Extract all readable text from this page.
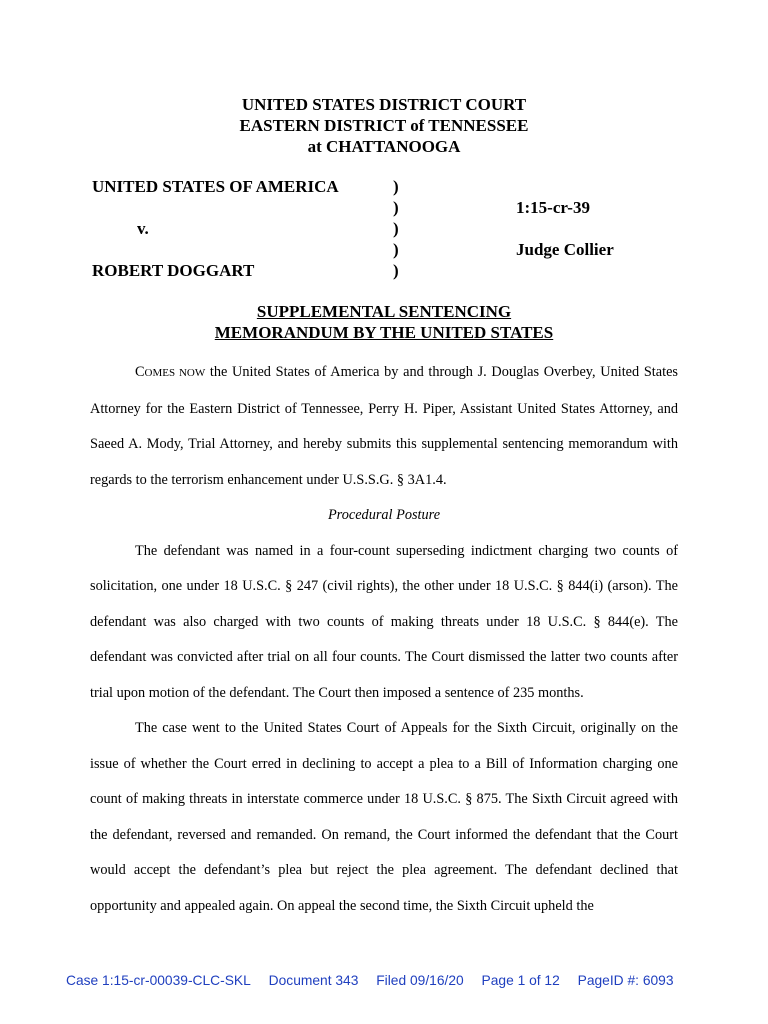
UNITED STATES DISTRICT COURT
EASTERN DISTRICT of TENNESSEE
at CHATTANOOGA
UNITED STATES OF AMERICA
v.
ROBERT DOGGART
)
)
)
)
)
1:15-cr-39
Judge Collier
SUPPLEMENTAL SENTENCING
MEMORANDUM BY THE UNITED STATES

COMES NOW the United States of America by and through J. Douglas Overbey, United States Attorney for the Eastern District of Tennessee, Perry H. Piper, Assistant United States Attorney, and Saeed A. Mody, Trial Attorney, and hereby submits this supplemental sentencing memorandum with regards to the terrorism enhancement under U.S.S.G. § 3A1.4.

Procedural Posture

The defendant was named in a four-count superseding indictment charging two counts of solicitation, one under 18 U.S.C. § 247 (civil rights), the other under 18 U.S.C. § 844(i) (arson). The defendant was also charged with two counts of making threats under 18 U.S.C. § 844(e). The defendant was convicted after trial on all four counts. The Court dismissed the latter two counts after trial upon motion of the defendant. The Court then imposed a sentence of 235 months.

The case went to the United States Court of Appeals for the Sixth Circuit, originally on the issue of whether the Court erred in declining to accept a plea to a Bill of Information charging one count of making threats in interstate commerce under 18 U.S.C. § 875. The Sixth Circuit agreed with the defendant, reversed and remanded. On remand, the Court informed the defendant that the Court would accept the defendant’s plea but reject the plea agreement. The defendant declined that opportunity and appealed again. On appeal the second time, the Sixth Circuit upheld the

Case 1:15-cr-00039-CLC-SKL Document 343 Filed 09/16/20 Page 1 of 12 PageID #: 6093
